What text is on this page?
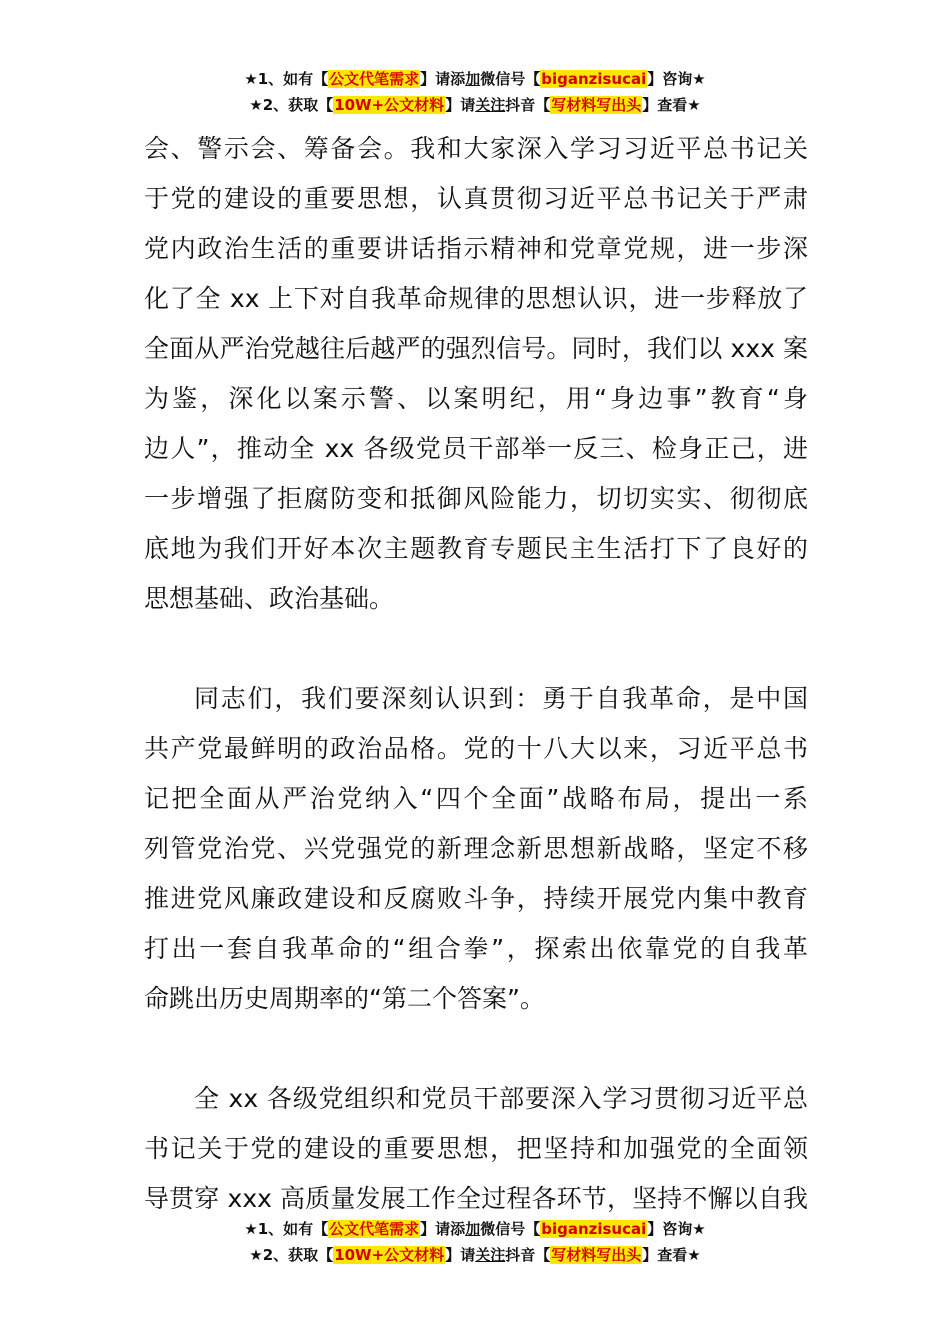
★1、如有【公文代笔需求】请添加微信号【biganzisucai】咨询★
★2、获取【10W+公文材料】请关注抖音【写材料写出头】查看★
会、警示会、筹备会。我和大家深入学习习近平总书记关
于党的建设的重要思想，认真贯彻习近平总书记关于严肃
党内政治生活的重要讲话指示精神和党章党规，进一步深
化了全 xx 上下对自我革命规律的思想认识，进一步释放了
全面从严治党越往后越严的强烈信号。同时，我们以 xxx 案
为鉴，深化以案示警、以案明纪，用“身边事”教育“身
边人”，推动全 xx 各级党员干部举一反三、检身正己，进
一步增强了拒腐防变和抵御风险能力，切切实实、彻彻底
底地为我们开好本次主题教育专题民主生活打下了良好的
思想基础、政治基础。
同志们，我们要深刻认识到：勇于自我革命，是中国
共产党最鲜明的政治品格。党的十八大以来，习近平总书
记把全面从严治党纳入“四个全面”战略布局，提出一系
列管党治党、兴党强党的新理念新思想新战略，坚定不移
推进党风廉政建设和反腐败斗争，持续开展党内集中教育
打出一套自我革命的“组合拳”，探索出依靠党的自我革
命跳出历史周期率的“第二个答案”。
全 xx 各级党组织和党员干部要深入学习贯彻习近平总
书记关于党的建设的重要思想，把坚持和加强党的全面领
导贯穿 xxx 高质量发展工作全过程各环节，坚持不懈以自我
★1、如有【公文代笔需求】请添加微信号【biganzisucai】咨询★
★2、获取【10W+公文材料】请关注抖音【写材料写出头】查看★
